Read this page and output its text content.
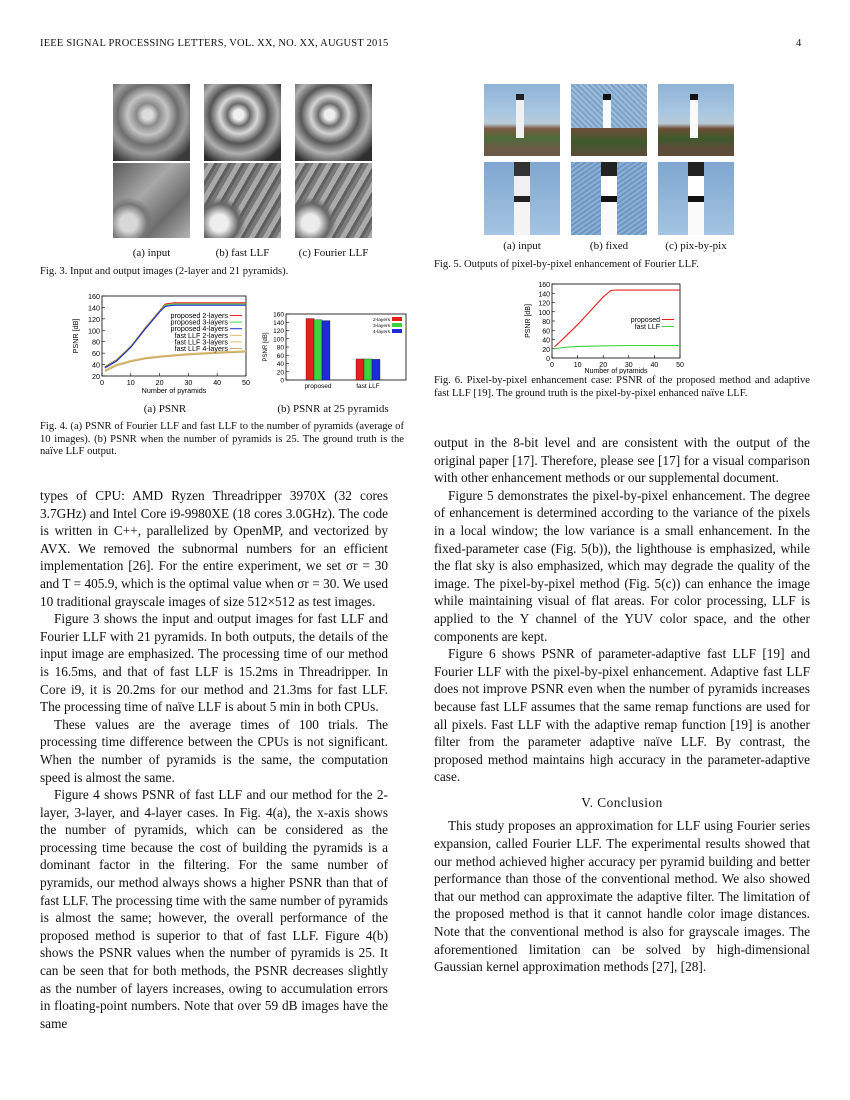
IEEE SIGNAL PROCESSING LETTERS, VOL. XX, NO. XX, AUGUST 2015	4
(a) input	(b) fast LLF	(c) Fourier LLF
Fig. 3. Input and output images (2-layer and 21 pyramids).
0	10	20	30	40	50
20
40
60
80
100
120
140
160
Number of pyramids
PSNR [dB]
proposed 2-layers
proposed 3-layers
proposed 4-layers
fast LLF 2-layers
fast LLF 3-layers
fast LLF 4-layers
0
20
40
60
80
100
120
140
160
PSNR [dB]
proposed	fast LLF
2-layers
3-layers
4-layers
(a) PSNR	(b) PSNR at 25 pyramids
Fig. 4. (a) PSNR of Fourier LLF and fast LLF to the number of pyramids (average of 10 images). (b) PSNR when the number of pyramids is 25. The ground truth is the naïve LLF output.
(a) input	(b) fixed	(c) pix-by-pix
Fig. 5. Outputs of pixel-by-pixel enhancement of Fourier LLF.
0	10	20	30	40	50
0
20
40
60
80
100
120
140
160
Number of pyramids
PSNR [dB]	proposed
fast LLF
Fig. 6. Pixel-by-pixel enhancement case: PSNR of the proposed method and adaptive fast LLF [19]. The ground truth is the pixel-by-pixel enhanced naïve LLF.

types of CPU: AMD Ryzen Threadripper 3970X (32 cores 3.7GHz) and Intel Core i9-9980XE (18 cores 3.0GHz). The code is written in C++, parallelized by OpenMP, and vectorized by AVX. We removed the subnormal numbers for an efficient implementation [26]. For the entire experiment, we set σr = 30 and T = 405.9, which is the optimal value when σr = 30. We used 10 traditional grayscale images of size 512×512 as test images.

Figure 3 shows the input and output images for fast LLF and Fourier LLF with 21 pyramids. In both outputs, the details of the input image are emphasized. The processing time of our method is 16.5ms, and that of fast LLF is 15.2ms in Threadripper. In Core i9, it is 20.2ms for our method and 21.3ms for fast LLF. The processing time of naïve LLF is about 5 min in both CPUs.

These values are the average times of 100 trials. The processing time difference between the CPUs is not significant. When the number of pyramids is the same, the computation speed is almost the same.

Figure 4 shows PSNR of fast LLF and our method for the 2-layer, 3-layer, and 4-layer cases. In Fig. 4(a), the x-axis shows the number of pyramids, which can be considered as the processing time because the cost of building the pyramids is a dominant factor in the filtering. For the same number of pyramids, our method always shows a higher PSNR than that of fast LLF. The processing time with the same number of pyramids is almost the same; however, the overall performance of the proposed method is superior to that of fast LLF. Figure 4(b) shows the PSNR values when the number of pyramids is 25. It can be seen that for both methods, the PSNR decreases slightly as the number of layers increases, owing to accumulation errors in floating-point numbers. Note that over 59 dB images have the same

output in the 8-bit level and are consistent with the output of the original paper [17]. Therefore, please see [17] for a visual comparison with other enhancement methods or our supplemental document.

Figure 5 demonstrates the pixel-by-pixel enhancement. The degree of enhancement is determined according to the variance of the pixels in a local window; the low variance is a small enhancement. In the fixed-parameter case (Fig. 5(b)), the lighthouse is emphasized, while the flat sky is also emphasized, which may degrade the quality of the image. The pixel-by-pixel method (Fig. 5(c)) can enhance the image while maintaining visual of flat areas. For color processing, LLF is applied to the Y channel of the YUV color space, and the other components are kept.

Figure 6 shows PSNR of parameter-adaptive fast LLF [19] and Fourier LLF with the pixel-by-pixel enhancement. Adaptive fast LLF does not improve PSNR even when the number of pyramids increases because fast LLF assumes that the same remap functions are used for all pixels. Fast LLF with the adaptive remap function [19] is another filter from the parameter adaptive naïve LLF. By contrast, the proposed method maintains high accuracy in the parameter-adaptive case.

V. Conclusion

This study proposes an approximation for LLF using Fourier series expansion, called Fourier LLF. The experimental results showed that our method achieved higher accuracy per pyramid building and better performance than those of the conventional method. We also showed that our method can approximate the adaptive filter. The limitation of the proposed method is that it cannot handle color image distances. Note that the conventional method is also for grayscale images. The aforementioned limitation can be solved by high-dimensional Gaussian kernel approximation methods [27], [28].
